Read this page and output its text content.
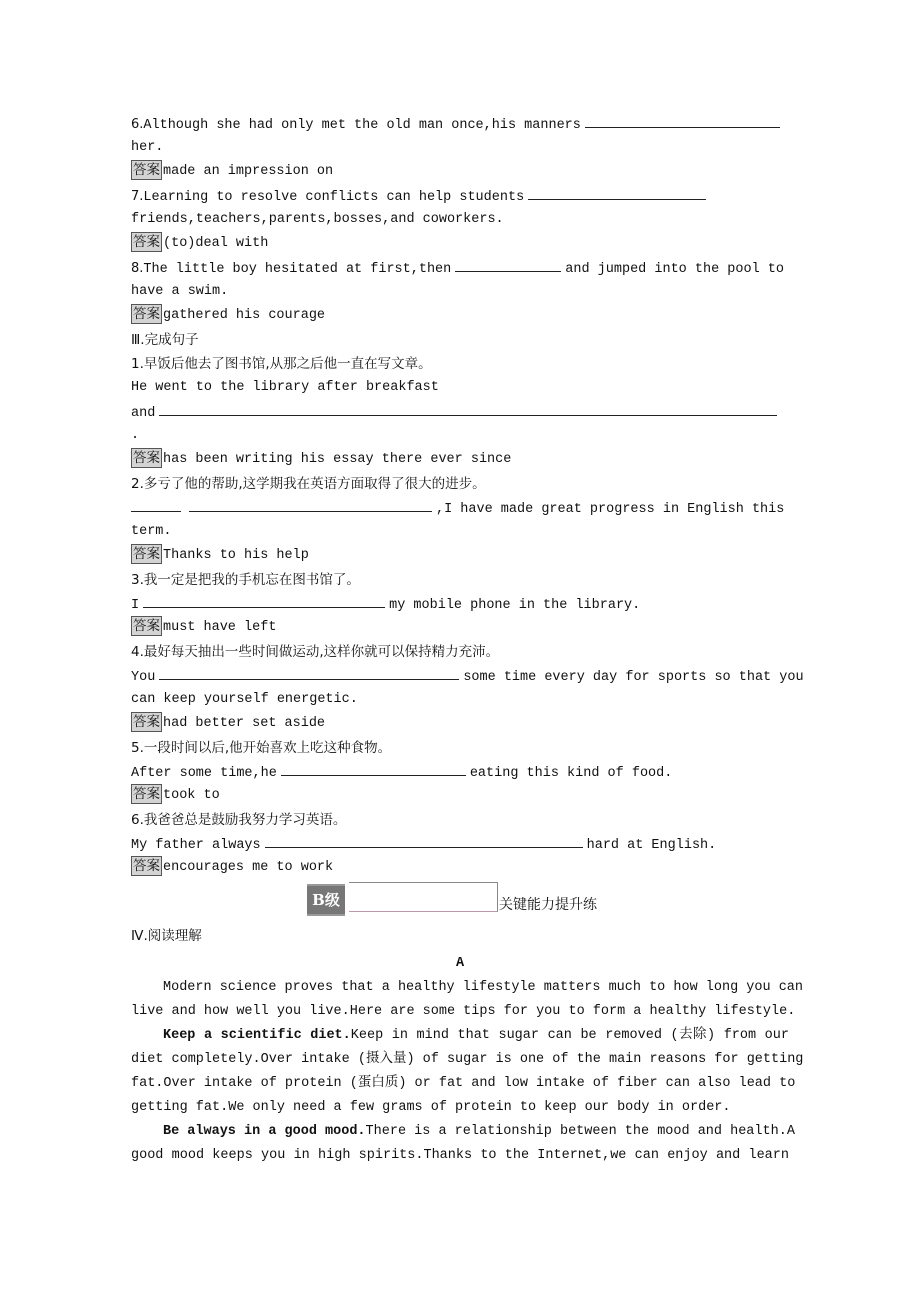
6.Although she had only met the old man once,his manners
her.
答案 made an impression on
7.Learning to resolve conflicts can help students
friends,teachers,parents,bosses,and coworkers.
答案 (to)deal with
8.The little boy hesitated at first,then	and jumped into the pool to
have a swim.
答案 gathered his courage
Ⅲ.完成句子
1.早饭后他去了图书馆,从那之后他一直在写文章。
He went to the library after breakfast
and
.
答案 has been writing his essay there ever since
2.多亏了他的帮助,这学期我在英语方面取得了很大的进步。
,I have made great progress in English this
term.
答案 Thanks to his help
3.我一定是把我的手机忘在图书馆了。
I	my mobile phone in the library.
答案 must have left
4.最好每天抽出一些时间做运动,这样你就可以保持精力充沛。
You	some time every day for sports so that you
can keep yourself energetic.
答案 had better set aside
5.一段时间以后,他开始喜欢上吃这种食物。
After some time,he	eating this kind of food.
答案 took to
6.我爸爸总是鼓励我努力学习英语。
My father always	hard at English.
答案 encourages me to work
B级	关键能力提升练
Ⅳ.阅读理解
A
Modern science proves that a healthy lifestyle matters much to how long you can
live and how well you live.Here are some tips for you to form a healthy lifestyle.
Keep a scientific diet.Keep in mind that sugar can be removed (去除) from our
diet completely.Over intake (摄入量) of sugar is one of the main reasons for getting
fat.Over intake of protein (蛋白质) or fat and low intake of fiber can also lead to
getting fat.We only need a few grams of protein to keep our body in order.
Be always in a good mood.There is a relationship between the mood and health.A
good mood keeps you in high spirits.Thanks to the Internet,we can enjoy and learn
